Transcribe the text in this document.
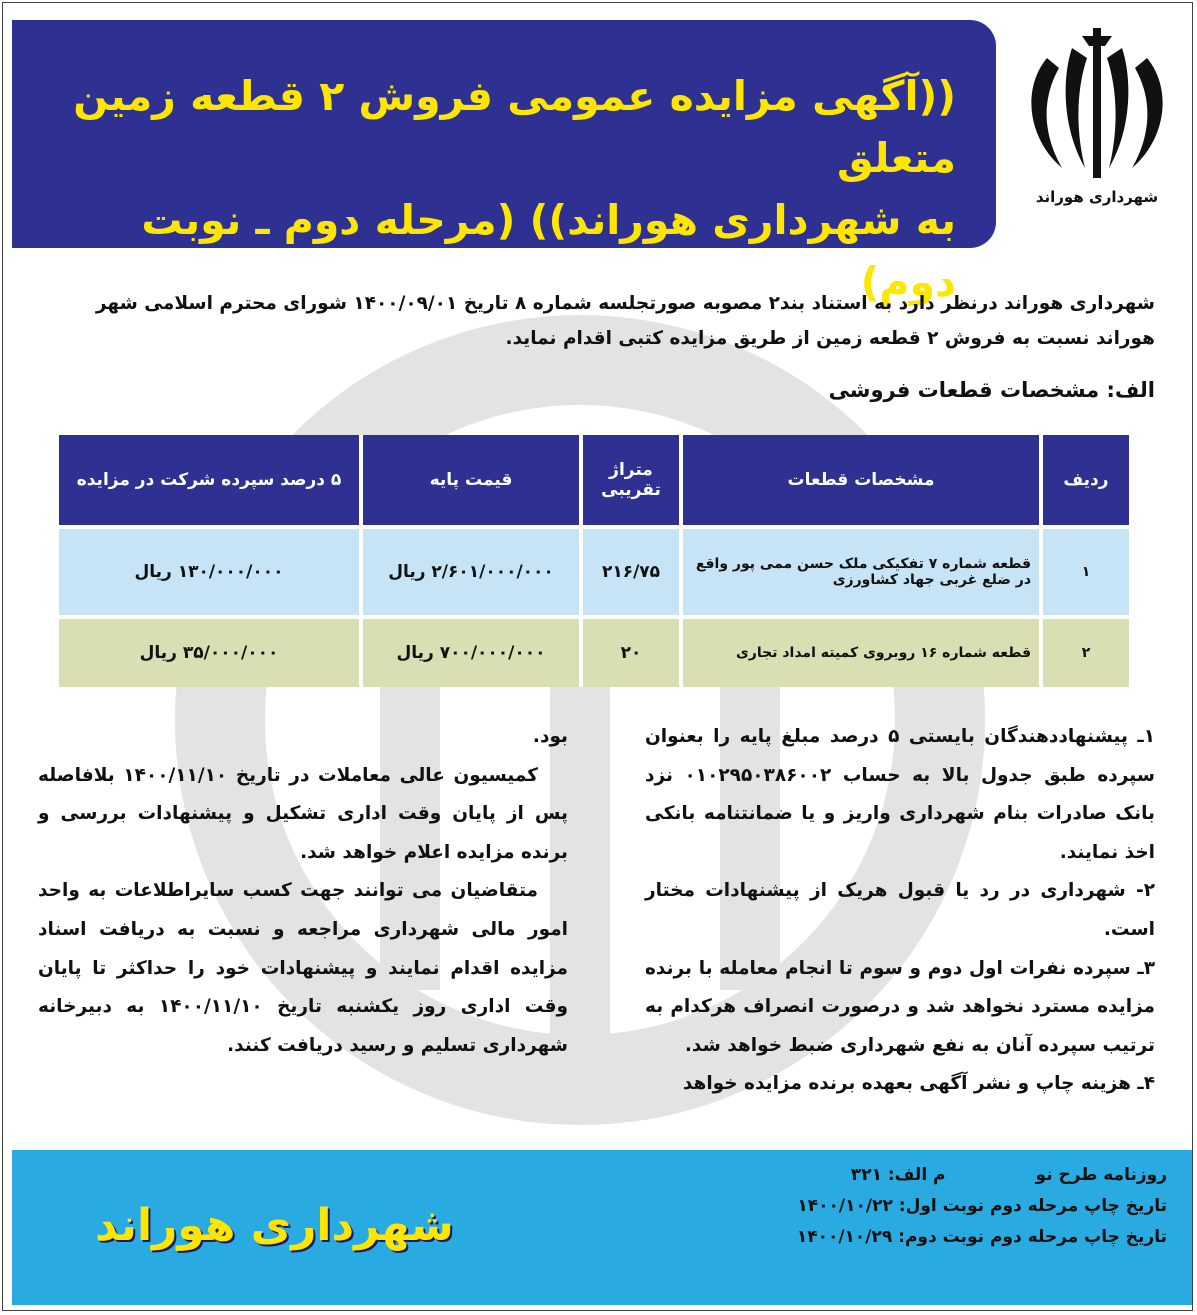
((آگهی مزایده عمومی فروش ۲ قطعه زمین متعلق
به شهرداری هوراند)) (مرحله دوم ـ نوبت دوم)
شهرداری هوراند
شهرداری هوراند درنظر دارد به استناد بند۲ مصوبه صورتجلسه شماره ۸ تاریخ ۱۴۰۰/۰۹/۰۱ شورای محترم اسلامی شهر
هوراند نسبت به فروش ۲ قطعه زمین از طریق مزایده کتبی اقدام نماید.
الف: مشخصات قطعات فروشی
ردیف	مشخصات قطعات	متراژ تقریبی	قیمت پایه	۵ درصد سپرده شرکت در مزایده
۱	قطعه شماره ۷ تفکیکی ملک حسن ممی پور واقع در ضلع غربی جهاد کشاورزی	۲۱۶/۷۵	۲/۶۰۱/۰۰۰/۰۰۰ ریال	۱۳۰/۰۰۰/۰۰۰ ریال
۲	قطعه شماره ۱۶ روبروی کمیته امداد تجاری	۲۰	۷۰۰/۰۰۰/۰۰۰ ریال	۳۵/۰۰۰/۰۰۰ ریال

۱ـ پیشنهاددهندگان بایستی ۵ درصد مبلغ پایه را بعنوان سپرده طبق جدول بالا به حساب ۰۱۰۲۹۵۰۳۸۶۰۰۲ نزد بانک صادرات بنام شهرداری واریز و یا ضمانتنامه بانکی اخذ نمایند.

۲- شهرداری در رد یا قبول هریک از پیشنهادات مختار است.

۳ـ سپرده نفرات اول دوم و سوم تا انجام معامله با برنده مزایده مسترد نخواهد شد و درصورت انصراف هرکدام به ترتیب سپرده آنان به نفع شهرداری ضبط خواهد شد.

۴ـ هزینه چاپ و نشر آگهی بعهده برنده مزایده خواهد

بود.

کمیسیون عالی معاملات در تاریخ ۱۴۰۰/۱۱/۱۰ بلافاصله پس از پایان وقت اداری تشکیل و پیشنهادات بررسی و برنده مزایده اعلام خواهد شد.

متقاضیان می توانند جهت کسب سایراطلاعات به واحد امور مالی شهرداری مراجعه و نسبت به دریافت اسناد مزایده اقدام نمایند و پیشنهادات خود را حداکثر تا پایان وقت اداری روز یکشنبه تاریخ ۱۴۰۰/۱۱/۱۰ به دبیرخانه شهرداری تسلیم و رسید دریافت کنند.

روزنامه طرح نو
م الف: ۳۲۱
تاریخ چاپ مرحله دوم نوبت اول: ۱۴۰۰/۱۰/۲۲
تاریخ چاپ مرحله دوم نوبت دوم: ۱۴۰۰/۱۰/۲۹
شهرداری هوراند
